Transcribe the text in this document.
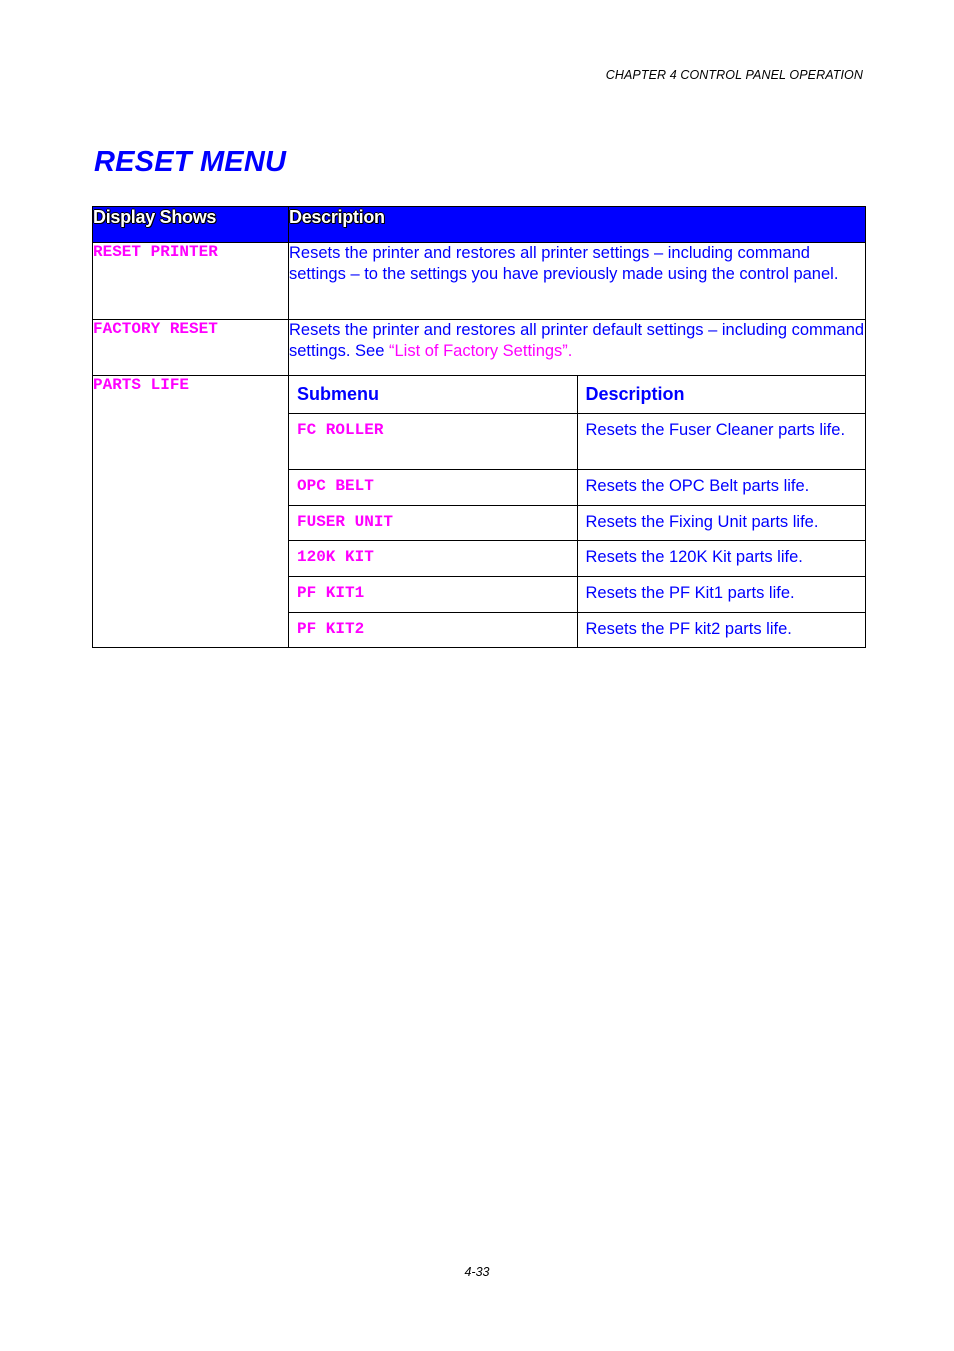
CHAPTER 4 CONTROL PANEL OPERATION
RESET MENU
Display Shows	Description
RESET PRINTER	Resets the printer and restores all printer settings – including command settings – to the settings you have previously made using the control panel.

FACTORY RESET	Resets the printer and restores all printer default settings – including command settings. See “List of Factory Settings”.

PARTS LIFE		Submenu	Description
FC ROLLER	Resets the Fuser Cleaner parts life.

OPC BELT	Resets the OPC Belt parts life.

FUSER UNIT	Resets the Fixing Unit parts life.

120K KIT	Resets the 120K Kit parts life.

PF KIT1	Resets the PF Kit1 parts life.

PF KIT2	Resets the PF kit2 parts life.
4-33
